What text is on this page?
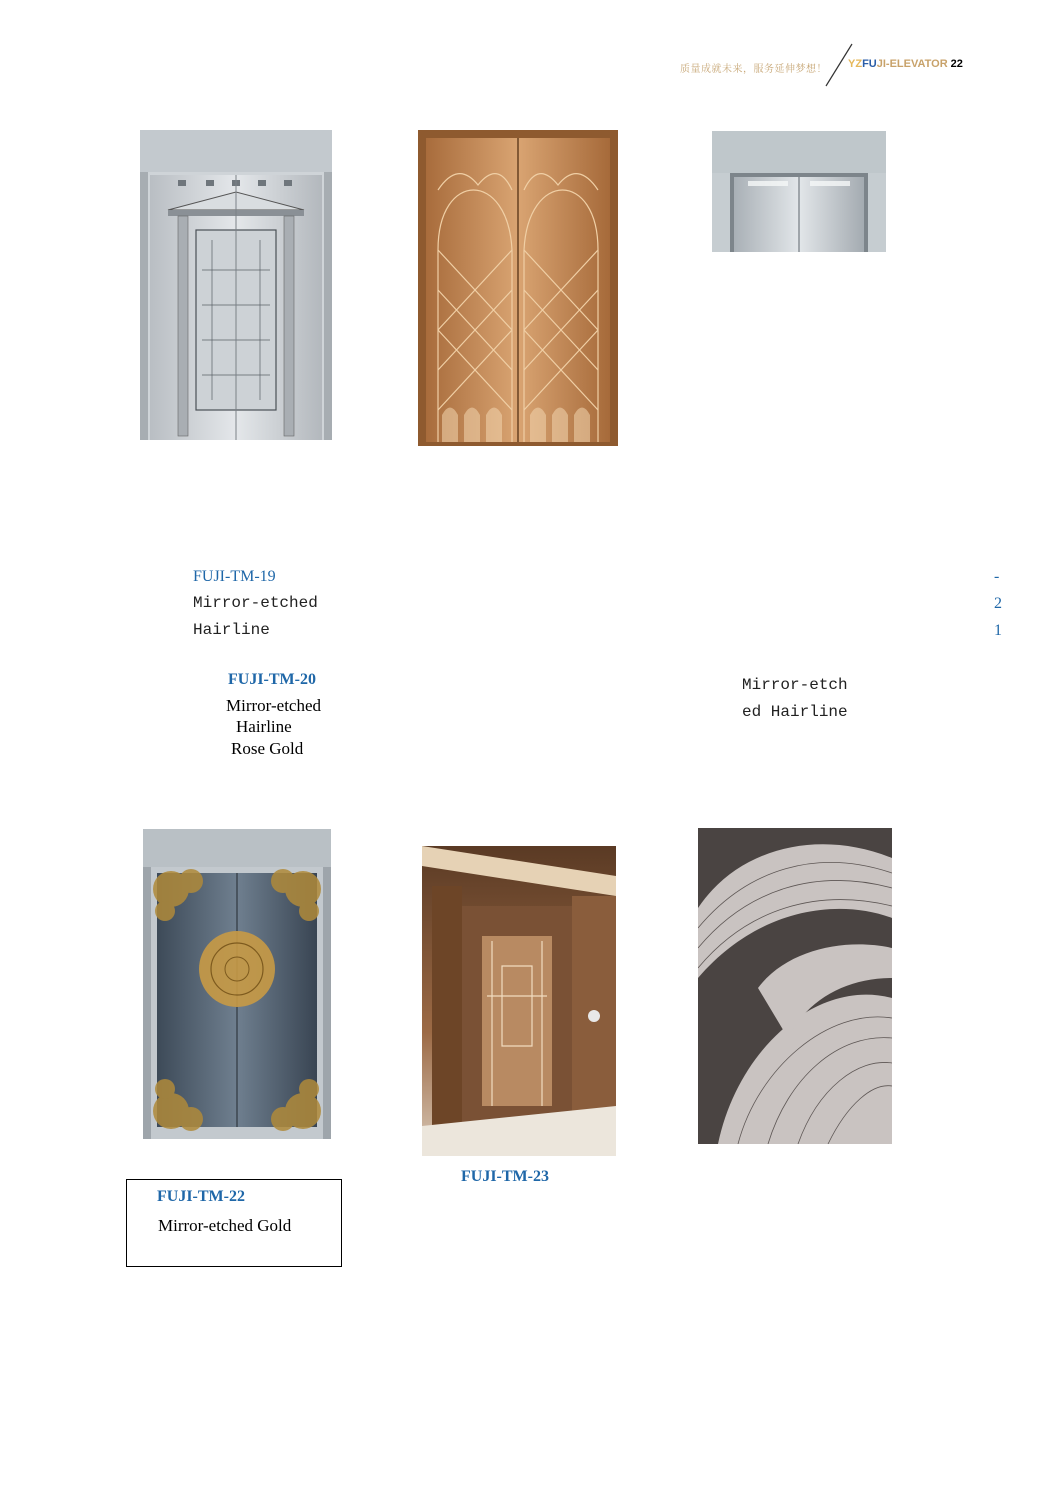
质量成就未来，服务延伸梦想！ YZFUJI-ELEVATOR 22
FUJI-TM-19
Mirror-etched
Hairline
-
2
1
FUJI-TM-20
Mirror-etched
Hairline
Rose Gold
Mirror-etch
ed Hairline
FUJI-TM-22
Mirror-etched Gold
FUJI-TM-23
